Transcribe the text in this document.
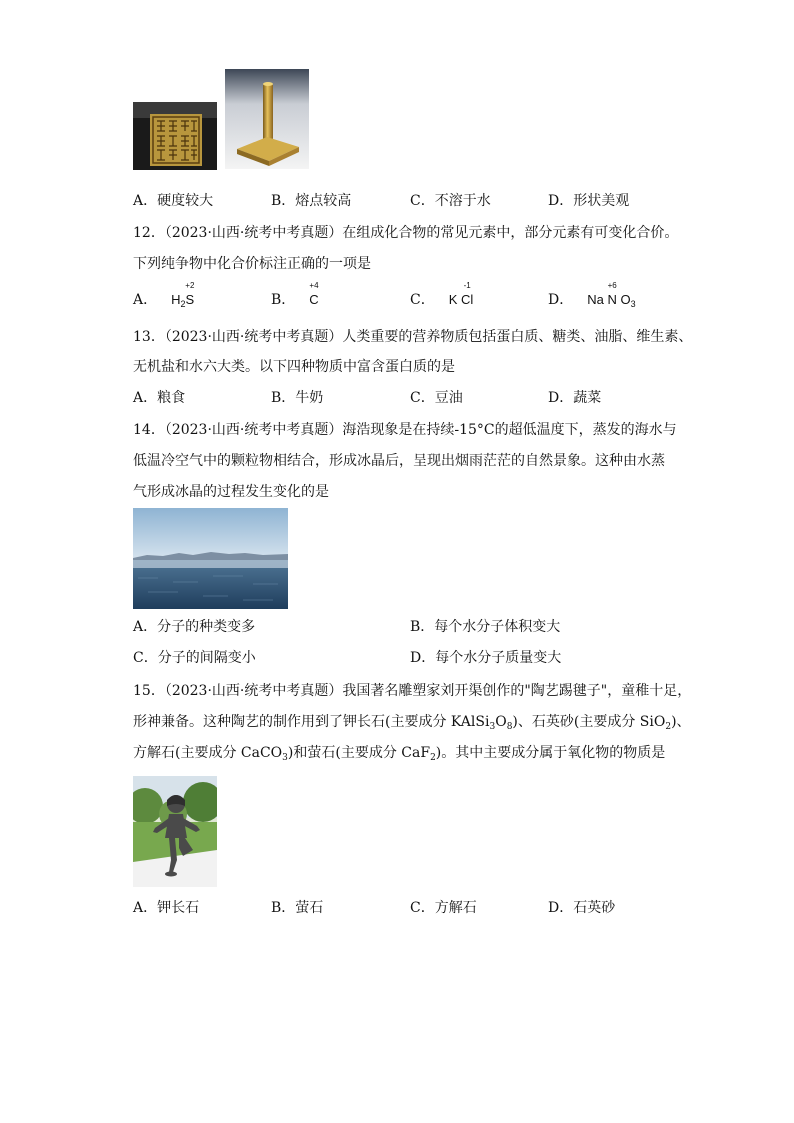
A．硬度较大	B．熔点较高	C．不溶于水	D．形状美观
12．（2023·山西·统考中考真题）在组成化合物的常见元素中，部分元素有可变化合价。
下列纯争物中化合价标注正确的一项是
A． $H_2$
+2
S	B．
+4
C	C． K
-1
Cl	D． Na
+6
N $O_3$
13．（2023·山西·统考中考真题）人类重要的营养物质包括蛋白质、糖类、油脂、维生素、
无机盐和水六大类。以下四种物质中富含蛋白质的是
A．粮食	B．牛奶	C．豆油	D．蔬菜
14．（2023·山西·统考中考真题）海浩现象是在持续-15°C的超低温度下，蒸发的海水与
低温冷空气中的颗粒物相结合，形成冰晶后，呈现出烟雨茫茫的自然景象。这种由水蒸
气形成冰晶的过程发生变化的是
A．分子的种类变多	B．每个水分子体积变大
C．分子的间隔变小	D．每个水分子质量变大
15．（2023·山西·统考中考真题）我国著名雕塑家刘开渠创作的"陶艺踢毽子"，童稚十足，
形神兼备。这种陶艺的制作用到了钾长石(主要成分 $KAlSi_3O_8$)、石英砂(主要成分 SiO$_2$)、
方解石(主要成分 CaCO$_3$)和萤石(主要成分 CaF$_2$)。其中主要成分属于氧化物的物质是
A．钾长石	B．萤石	C．方解石	D．石英砂
